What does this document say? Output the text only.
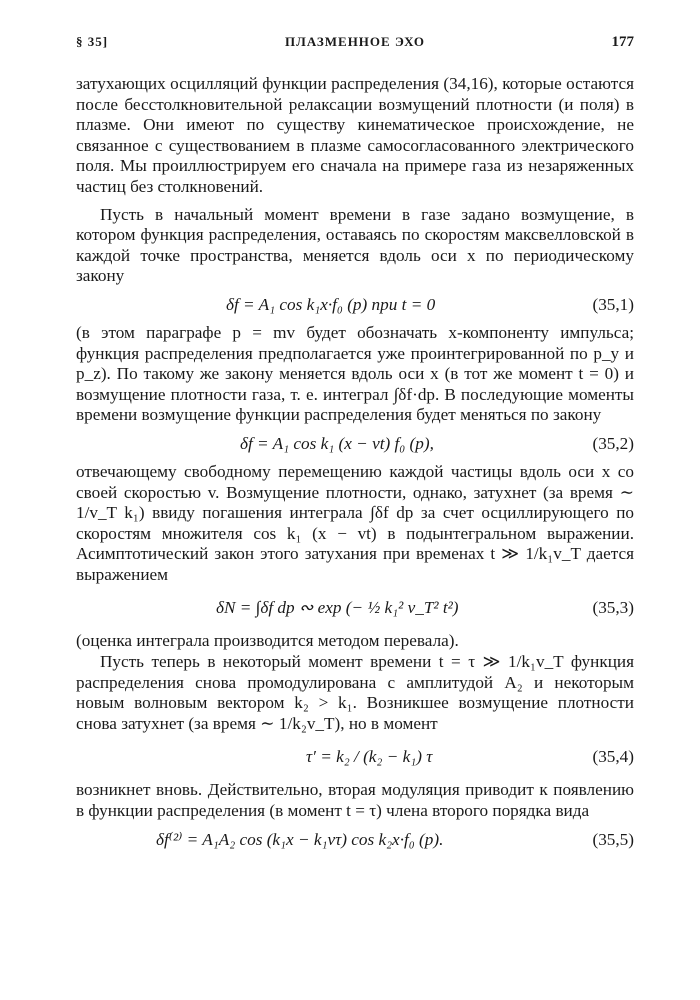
§ 35]	ПЛАЗМЕННОЕ ЭХО	177

затухающих осцилляций функции распределения (34,16), которые остаются после бесстолкновительной релаксации возмущений плотности (и поля) в плазме. Они имеют по существу кинематическое происхождение, не связанное с существованием в плазме самосогласованного электрического поля. Мы проиллюстрируем его сначала на примере газа из незаряженных частиц без столкновений.

Пусть в начальный момент времени в газе задано возмущение, в котором функция распределения, оставаясь по скоростям максвелловской в каждой точке пространства, меняется вдоль оси x по периодическому закону

δf = A₁ cos k₁x·f₀ (p) при t = 0	(35,1)

(в этом параграфе p = mv будет обозначать x-компоненту импульса; функция распределения предполагается уже проинтегрированной по p_y и p_z). По такому же закону меняется вдоль оси x (в тот же момент t = 0) и возмущение плотности газа, т. е. интеграл ∫δf·dp. В последующие моменты времени возмущение функции распределения будет меняться по закону

δf = A₁ cos k₁ (x − vt) f₀ (p),	(35,2)

отвечающему свободному перемещению каждой частицы вдоль оси x со своей скоростью v. Возмущение плотности, однако, затухнет (за время ∼ 1/v_T k₁) ввиду погашения интеграла ∫δf dp за счет осциллирующего по скоростям множителя cos k₁ (x − vt) в подынтегральном выражении. Асимптотический закон этого затухания при временах t ≫ 1/k₁v_T дается выражением

δN = ∫δf dp ∾ exp (− ½ k₁² v_T² t²)	(35,3)

(оценка интеграла производится методом перевала).

Пусть теперь в некоторый момент времени t = τ ≫ 1/k₁v_T функция распределения снова промодулирована с амплитудой A₂ и некоторым новым волновым вектором k₂ > k₁. Возникшее возмущение плотности снова затухнет (за время ∼ 1/k₂v_T), но в момент

τ′ = k₂ / (k₂ − k₁) τ	(35,4)

возникнет вновь. Действительно, вторая модуляция приводит к появлению в функции распределения (в момент t = τ) члена второго порядка вида

δf⁽²⁾ = A₁A₂ cos (k₁x − k₁vτ) cos k₂x·f₀ (p).	(35,5)
